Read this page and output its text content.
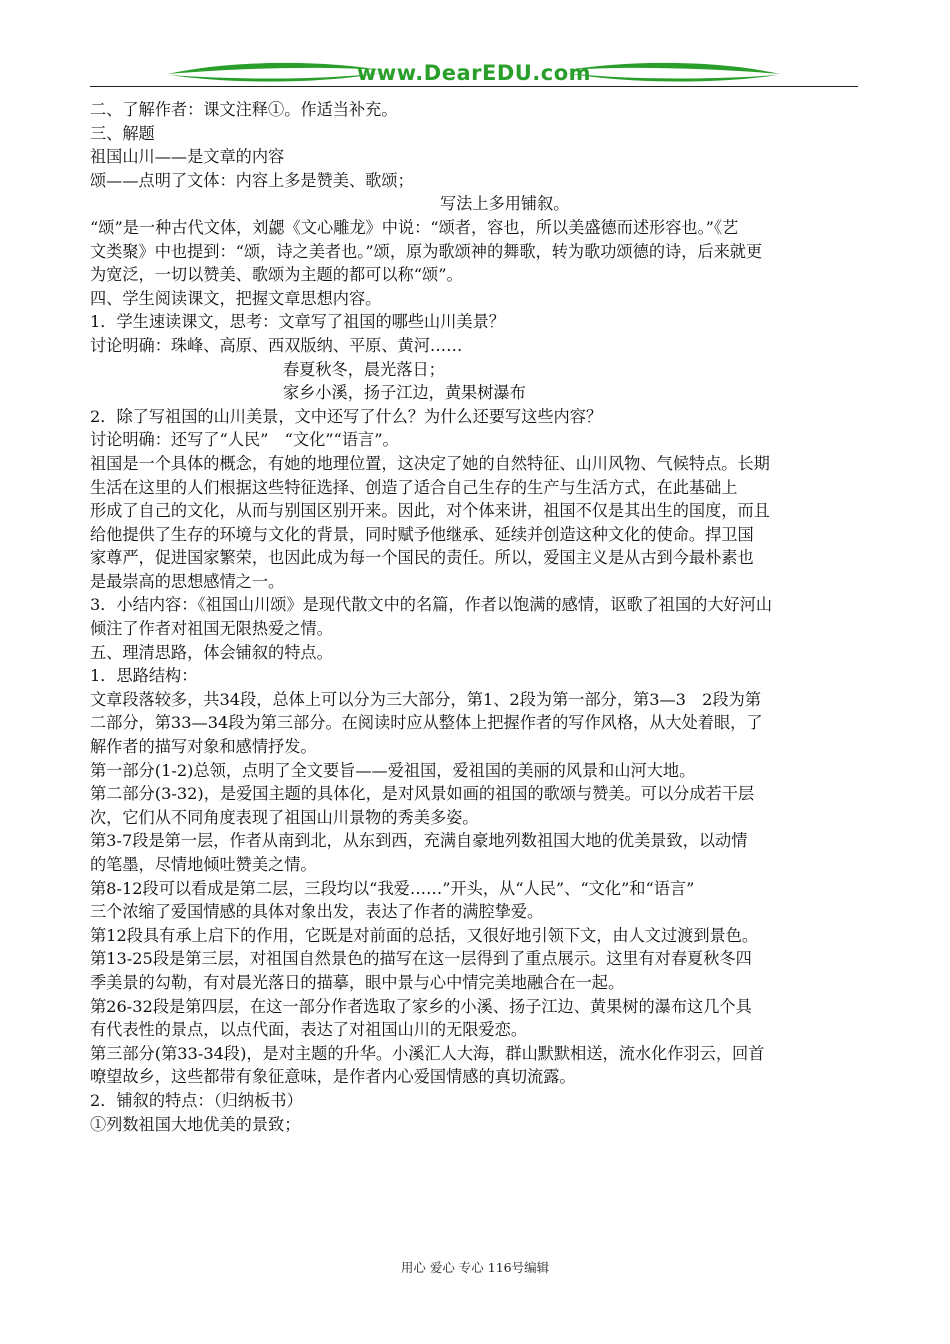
www.DearEDU.com
二、了解作者：课文注释①。作适当补充。
三、解题
祖国山川——是文章的内容
颂——点明了文体：内容上多是赞美、歌颂；
写法上多用铺叙。
“颂”是一种古代文体，刘勰《文心雕龙》中说：“颂者，容也，所以美盛德而述形容也。”《艺
文类聚》中也提到：“颂，诗之美者也。”颂，原为歌颂神的舞歌，转为歌功颂德的诗，后来就更
为宽泛，一切以赞美、歌颂为主题的都可以称“颂”。
四、学生阅读课文，把握文章思想内容。
1．学生速读课文，思考：文章写了祖国的哪些山川美景？
讨论明确：珠峰、高原、西双版纳、平原、黄河……
春夏秋冬，晨光落日；
家乡小溪，扬子江边，黄果树瀑布
2．除了写祖国的山川美景，文中还写了什么？为什么还要写这些内容？
讨论明确：还写了“人民”　“文化”“语言”。
祖国是一个具体的概念，有她的地理位置，这决定了她的自然特征、山川风物、气候特点。长期
生活在这里的人们根据这些特征选择、创造了适合自己生存的生产与生活方式，在此基础上
形成了自己的文化，从而与别国区别开来。因此，对个体来讲，祖国不仅是其出生的国度，而且
给他提供了生存的环境与文化的背景，同时赋予他继承、延续并创造这种文化的使命。捍卫国
家尊严，促进国家繁荣，也因此成为每一个国民的责任。所以，爱国主义是从古到今最朴素也
是最崇高的思想感情之一。
3．小结内容：《祖国山川颂》是现代散文中的名篇，作者以饱满的感情，讴歌了祖国的大好河山
倾注了作者对祖国无限热爱之情。
五、理清思路，体会铺叙的特点。
1．思路结构：
文章段落较多，共34段，总体上可以分为三大部分，第1、2段为第一部分，第3—3　2段为第
二部分，第33—34段为第三部分。在阅读时应从整体上把握作者的写作风格，从大处着眼，了
解作者的描写对象和感情抒发。
第一部分(1-2)总领，点明了全文要旨——爱祖国，爱祖国的美丽的风景和山河大地。
第二部分(3-32)，是爱国主题的具体化，是对风景如画的祖国的歌颂与赞美。可以分成若干层
次，它们从不同角度表现了祖国山川景物的秀美多姿。
第3-7段是第一层，作者从南到北，从东到西，充满自豪地列数祖国大地的优美景致，以动情
的笔墨，尽情地倾吐赞美之情。
第8-12段可以看成是第二层，三段均以“我爱……”开头，从“人民”、“文化”和“语言”
三个浓缩了爱国情感的具体对象出发，表达了作者的满腔挚爱。
第12段具有承上启下的作用，它既是对前面的总括，又很好地引领下文，由人文过渡到景色。
第13-25段是第三层，对祖国自然景色的描写在这一层得到了重点展示。这里有对春夏秋冬四
季美景的勾勒，有对晨光落日的描摹，眼中景与心中情完美地融合在一起。
第26-32段是第四层，在这一部分作者选取了家乡的小溪、扬子江边、黄果树的瀑布这几个具
有代表性的景点，以点代面，表达了对祖国山川的无限爱恋。
第三部分(第33-34段)，是对主题的升华。小溪汇人大海，群山默默相送，流水化作羽云，回首
嘹望故乡，这些都带有象征意味，是作者内心爱国情感的真切流露。
2．铺叙的特点：（归纳板书）
①列数祖国大地优美的景致；
用心 爱心 专心 116号编辑
